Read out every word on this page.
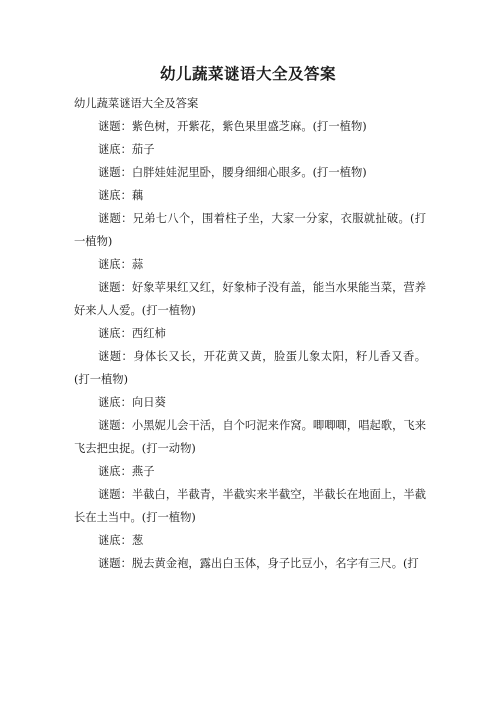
幼儿蔬菜谜语大全及答案

幼儿蔬菜谜语大全及答案

谜题：紫色树，开紫花，紫色果里盛芝麻。(打一植物)

谜底：茄子

谜题：白胖娃娃泥里卧，腰身细细心眼多。(打一植物)

谜底：藕

谜题：兄弟七八个，围着柱子坐，大家一分家，衣服就扯破。(打一植物)

谜底：蒜

谜题：好象苹果红又红，好象柿子没有盖，能当水果能当菜，营养好来人人爱。(打一植物)

谜底：西红柿

谜题：身体长又长，开花黄又黄，脸蛋儿象太阳，籽儿香又香。(打一植物)

谜底：向日葵

谜题：小黑妮儿会干活，自个叼泥来作窝。唧唧唧，唱起歌，飞来飞去把虫捉。(打一动物)

谜底：燕子

谜题：半截白，半截青，半截实来半截空，半截长在地面上，半截长在土当中。(打一植物)

谜底：葱

谜题：脱去黄金袍，露出白玉体，身子比豆小，名字有三尺。(打
